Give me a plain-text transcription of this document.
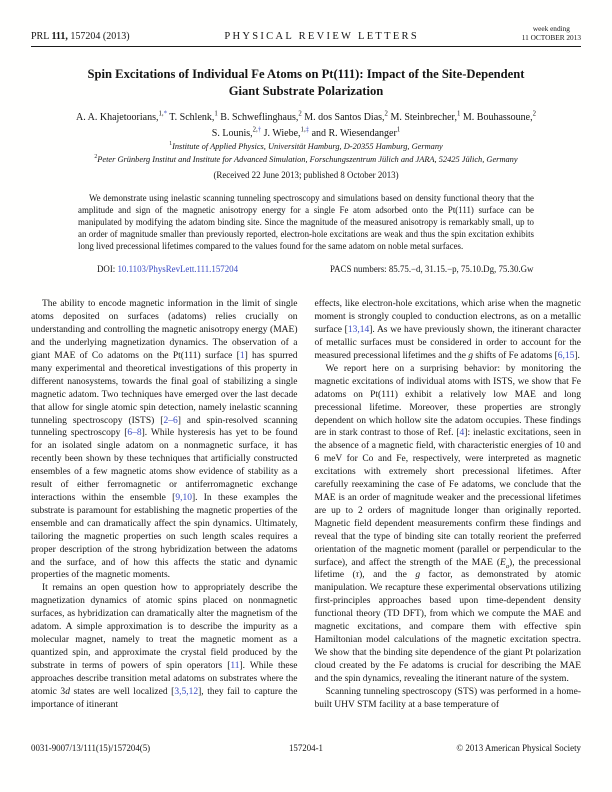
PRL 111, 157204 (2013)	PHYSICAL REVIEW LETTERS
week ending
11 OCTOBER 2013
Spin Excitations of Individual Fe Atoms on Pt(111): Impact of the Site-Dependent
Giant Substrate Polarization
A. A. Khajetoorians,$^{1,*}$ T. Schlenk,$^1$ B. Schweflinghaus,$^2$ M. dos Santos Dias,$^2$ M. Steinbrecher,$^1$ M. Bouhassoune,$^2$
S. Lounis,$^{2,\dagger}$ J. Wiebe,$^{1,\ddagger}$ and R. Wiesendanger$^1$
$^1$Institute of Applied Physics, Universität Hamburg, D-20355 Hamburg, Germany
$^2$Peter Grünberg Institut and Institute for Advanced Simulation, Forschungszentrum Jülich and JARA, 52425 Jülich, Germany
(Received 22 June 2013; published 8 October 2013)
We demonstrate using inelastic scanning tunneling spectroscopy and simulations based on density functional theory that the amplitude and sign of the magnetic anisotropy energy for a single Fe atom adsorbed onto the Pt(111) surface can be manipulated by modifying the adatom binding site. Since the magnitude of the measured anisotropy is remarkably small, up to an order of magnitude smaller than previously reported, electron-hole excitations are weak and thus the spin excitation exhibits long lived precessional lifetimes compared to the values found for the same adatom on noble metal surfaces.
DOI: 10.1103/PhysRevLett.111.157204	PACS numbers: 85.75.−d, 31.15.−p, 75.10.Dg, 75.30.Gw

The ability to encode magnetic information in the limit of single atoms deposited on surfaces (adatoms) relies crucially on understanding and controlling the magnetic anisotropy energy (MAE) and the underlying magnetization dynamics. The observation of a giant MAE of Co adatoms on the Pt(111) surface [1] has spurred many experimental and theoretical investigations of this property in different nanosystems, towards the final goal of stabilizing a single magnetic adatom. Two techniques have emerged over the last decade that allow for single atomic spin detection, namely inelastic scanning tunneling spectroscopy (ISTS) [2–6] and spin-resolved scanning tunneling spectroscopy [6–8]. While hysteresis has yet to be found for an isolated single adatom on a nonmagnetic surface, it has recently been shown by these techniques that artificially constructed ensembles of a few magnetic atoms show evidence of stability as a result of either ferromagnetic or antiferromagnetic exchange interactions within the ensemble [9,10]. In these examples the substrate is paramount for establishing the magnetic properties of the ensemble and can dramatically affect the spin dynamics. Ultimately, tailoring the magnetic properties on such length scales requires a proper description of the strong hybridization between the adatoms and the surface, and of how this affects the static and dynamic properties of the magnetic moments.

It remains an open question how to appropriately describe the magnetization dynamics of atomic spins placed on nonmagnetic surfaces, as hybridization can dramatically alter the magnetism of the adatom. A simple approximation is to describe the impurity as a molecular magnet, namely to treat the magnetic moment as a quantized spin, and approximate the crystal field produced by the substrate in terms of powers of spin operators [11]. While these approaches describe transition metal adatoms on substrates where the atomic 3d states are well localized [3,5,12], they fail to capture the importance of itinerant

effects, like electron-hole excitations, which arise when the magnetic moment is strongly coupled to conduction electrons, as on a metallic surface [13,14]. As we have previously shown, the itinerant character of metallic surfaces must be considered in order to account for the measured precessional lifetimes and the g shifts of Fe adatoms [6,15].

We report here on a surprising behavior: by monitoring the magnetic excitations of individual atoms with ISTS, we show that Fe adatoms on Pt(111) exhibit a relatively low MAE and long precessional lifetime. Moreover, these properties are strongly dependent on which hollow site the adatom occupies. These findings are in stark contrast to those of Ref. [4]: inelastic excitations, seen in the absence of a magnetic field, with characteristic energies of 10 and 6 meV for Co and Fe, respectively, were interpreted as magnetic excitations with extremely short precessional lifetimes. After carefully reexamining the case of Fe adatoms, we conclude that the MAE is an order of magnitude weaker and the precessional lifetimes are up to 2 orders of magnitude longer than originally reported. Magnetic field dependent measurements confirm these findings and reveal that the type of binding site can totally reorient the preferred orientation of the magnetic moment (parallel or perpendicular to the surface), and affect the strength of the MAE $(E_a)$, the precessional lifetime (τ), and the g factor, as demonstrated by atomic manipulation. We recapture these experimental observations utilizing first-principles approaches based upon time-dependent density functional theory (TD DFT), from which we compute the MAE and magnetic excitations, and compare them with effective spin Hamiltonian model calculations of the magnetic excitation spectra. We show that the binding site dependence of the giant Pt polarization cloud created by the Fe adatoms is crucial for describing the MAE and the spin dynamics, revealing the itinerant nature of the system.

Scanning tunneling spectroscopy (STS) was performed in a home-built UHV STM facility at a base temperature of

0031-9007/13/111(15)/157204(5)	157204-1	© 2013 American Physical Society
